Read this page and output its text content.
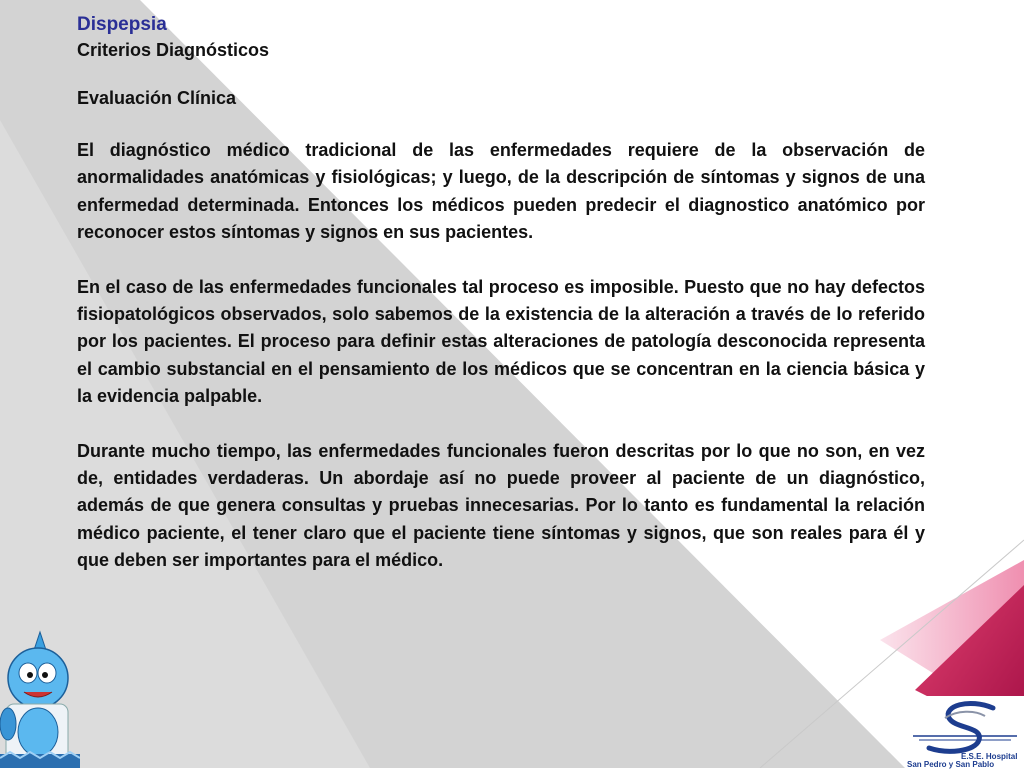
Dispepsia
Criterios Diagnósticos
Evaluación Clínica
El diagnóstico médico tradicional de las enfermedades requiere de la observación de anormalidades anatómicas y fisiológicas; y luego, de la descripción de síntomas y signos de una enfermedad determinada. Entonces los médicos pueden predecir el diagnostico anatómico por reconocer estos síntomas y signos en sus pacientes.
En el caso de las enfermedades funcionales tal proceso es imposible. Puesto que no hay defectos fisiopatológicos observados, solo sabemos de la existencia de la alteración a través de lo referido por los pacientes. El proceso para definir estas alteraciones de patología desconocida representa el cambio substancial en el pensamiento de los médicos que se concentran en la ciencia básica y la evidencia palpable.
Durante mucho tiempo, las enfermedades funcionales fueron descritas por lo que no son, en vez de, entidades verdaderas. Un abordaje así no puede proveer al paciente de un diagnóstico, además de que genera consultas y pruebas innecesarias. Por lo tanto es fundamental la relación médico paciente, el tener claro que el paciente tiene síntomas y signos, que son reales para él y que deben ser importantes para el médico.
E.S.E. Hospital
San Pedro y San Pablo
